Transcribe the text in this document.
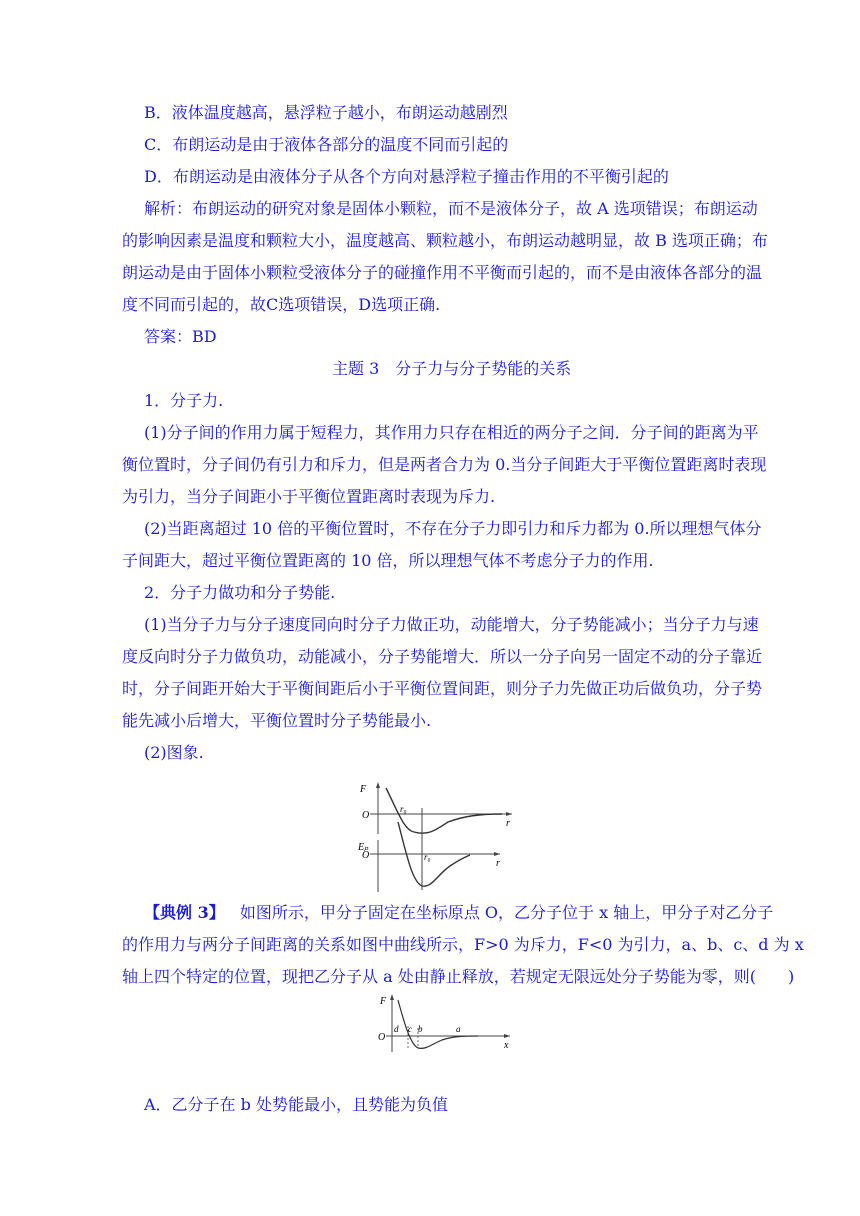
B．液体温度越高，悬浮粒子越小，布朗运动越剧烈
C．布朗运动是由于液体各部分的温度不同而引起的
D．布朗运动是由液体分子从各个方向对悬浮粒子撞击作用的不平衡引起的
解析：布朗运动的研究对象是固体小颗粒，而不是液体分子，故 A 选项错误；布朗运动
的影响因素是温度和颗粒大小，温度越高、颗粒越小，布朗运动越明显，故 B 选项正确；布
朗运动是由于固体小颗粒受液体分子的碰撞作用不平衡而引起的，而不是由液体各部分的温
度不同而引起的，故C选项错误，D选项正确.
答案：BD
主题 3　分子力与分子势能的关系
1．分子力.
(1)分子间的作用力属于短程力，其作用力只存在相近的两分子之间．分子间的距离为平
衡位置时，分子间仍有引力和斥力，但是两者合力为 0.当分子间距大于平衡位置距离时表现
为引力，当分子间距小于平衡位置距离时表现为斥力.
(2)当距离超过 10 倍的平衡位置时，不存在分子力即引力和斥力都为 0.所以理想气体分
子间距大，超过平衡位置距离的 10 倍，所以理想气体不考虑分子力的作用.
2．分子力做功和分子势能.
(1)当分子力与分子速度同向时分子力做正功，动能增大，分子势能减小；当分子力与速
度反向时分子力做负功，动能减小，分子势能增大．所以一分子向另一固定不动的分子靠近
时，分子间距开始大于平衡间距后小于平衡位置间距，则分子力先做正功后做负功，分子势
能先减小后增大，平衡位置时分子势能最小.
(2)图象.
F
O
r
r₀
Eₚ
O
r
r₀
【典例 3】 如图所示，甲分子固定在坐标原点 O，乙分子位于 x 轴上，甲分子对乙分子
的作用力与两分子间距离的关系如图中曲线所示，F>0 为斥力，F<0 为引力，a、b、c、d 为 x
轴上四个特定的位置，现把乙分子从 a 处由静止释放，若规定无限远处分子势能为零，则(　　)
F
O
x
d c b	a
A．乙分子在 b 处势能最小，且势能为负值
